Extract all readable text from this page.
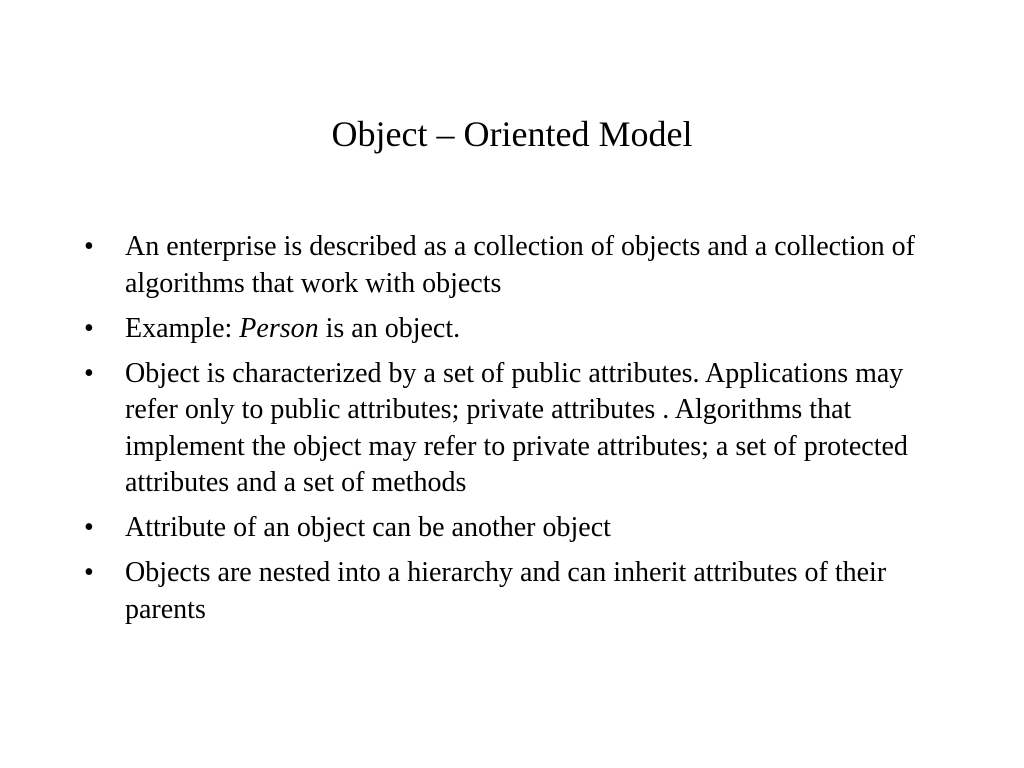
Object – Oriented Model
• An enterprise is described as a collection of objects and a collection of algorithms that work with objects
• Example: Person is an object.
• Object is characterized by a set of public attributes. Applications may refer only to public attributes; private attributes . Algorithms that implement the object may refer to private attributes; a set of protected attributes and a set of methods
• Attribute of an object can be another object
• Objects are nested into a hierarchy and can inherit attributes of their parents
